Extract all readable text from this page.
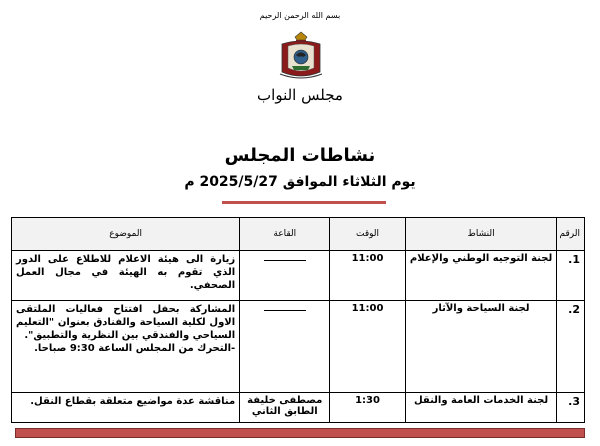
بسم الله الرحمن الرحيم
مجلس النواب
نشاطات المجلس
يوم الثلاثاء الموافق 2025/5/27 م
الرقم	النشاط	الوقت	القاعة	الموضوع
1.	لجنة التوجيه الوطني والإعلام	11:00		زيارة الى هيئة الاعلام للاطلاع على الدور الذي تقوم به الهيئة في مجال العمل الصحفي.
2.	لجنة السياحة والآثار	11:00		المشاركة بحفل افتتاح فعاليات الملتقى الاول لكلية السياحة والفنادق بعنوان "التعليم السياحي والفندقي بين النظرية والتطبيق".
-التحرك من المجلس الساعة 9:30 صباحا.

3.	لجنة الخدمات العامة والنقل	1:30	مصطفى خليفة الطابق الثاني	مناقشة عدة مواضيع متعلقة بقطاع النقل.
